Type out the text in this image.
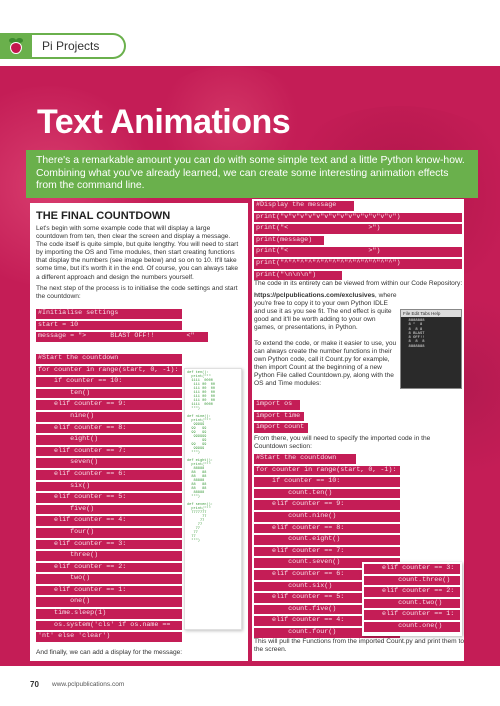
Pi Projects
Text Animations

There's a remarkable amount you can do with some simple text and a little Python know-how. Combining what you've already learned, we can create some interesting animation effects from the command line.

THE FINAL COUNTDOWN

Let's begin with some example code that will display a large countdown from ten, then clear the screen and display a message. The code itself is quite simple, but quite lengthy. You will need to start by importing the OS and Time modules, then start creating functions that display the numbers (see image below) and so on to 10. It'll take some time, but it's worth it in the end. Of course, you can always take a different approach and design the numbers yourself.

The next step of the process is to initialise the code settings and start the countdown:

#Initialise settings
start = 10
message = ">      BLAST OFF!!        <"
#Start the countdown
for counter in range(start, 0, -1):
if counter == 10:
ten()
elif counter == 9:
nine()
elif counter == 8:
eight()
elif counter == 7:
seven()
elif counter == 6:
six()
elif counter == 5:
five()
elif counter == 4:
four()
elif counter == 3:
three()
elif counter == 2:
two()
elif counter == 1:
one()
time.sleep(1)
os.system('cls' if os.name ==
'nt' else 'clear')
def ten():
print("""
1111  0000
111 00  00
111 00  00
111 00  00
111 00  00
111 00  00
1111  0000
""")

def nine():
print("""
99999
99   99
99   99
999999
99
99   99
99999
""")

def eight():
print("""
88888
88   88
88   88
88888
88   88
88   88
88888
""")

def seven():
print("""
7777777
77
77
77
77
77
77
""")

And finally, we can add a display for the message:

#Display the message
print("v"v"v"v"v"v"v"v"v"v"v"v"v"v")
print("<                    >")
print(message)
print("<                    >")
print("^"^"^"^"^"^"^"^"^"^"^"^"^"^")
print("\n\n\n")

The code in its entirety can be viewed from within our Code Repository:

https://pclpublications.com/exclusives, where you're free to copy it to your own Python IDLE and use it as you see fit. The end effect is quite good and it'll be worth adding to your own games, or presentations, in Python.

File Edit Tabs Help
8888888
8 "  8
8  8 8
8 BLAST
8 OFF!!
8  8  8
8888888

To extend the code, or make it easier to use, you can always create the number functions in their own Python code, call it Count.py for example, then import Count at the beginning of a new Python File called Countdown.py, along with the OS and Time modules:

import os
import time
import count

From there, you will need to specify the imported code in the Countdown section:

#Start the countdown
for counter in range(start, 0, -1):
if counter == 10:
count.ten()
elif counter == 9:
count.nine()
elif counter == 8:
count.eight()
elif counter == 7:
count.seven()
elif counter == 6:
count.six()
elif counter == 5:
count.five()
elif counter == 4:
count.four()
elif counter == 3:
count.three()
elif counter == 2:
count.two()
elif counter == 1:
count.one()

This will pull the Functions from the imported Count.py and print them to the screen.

70 www.pclpublications.com
